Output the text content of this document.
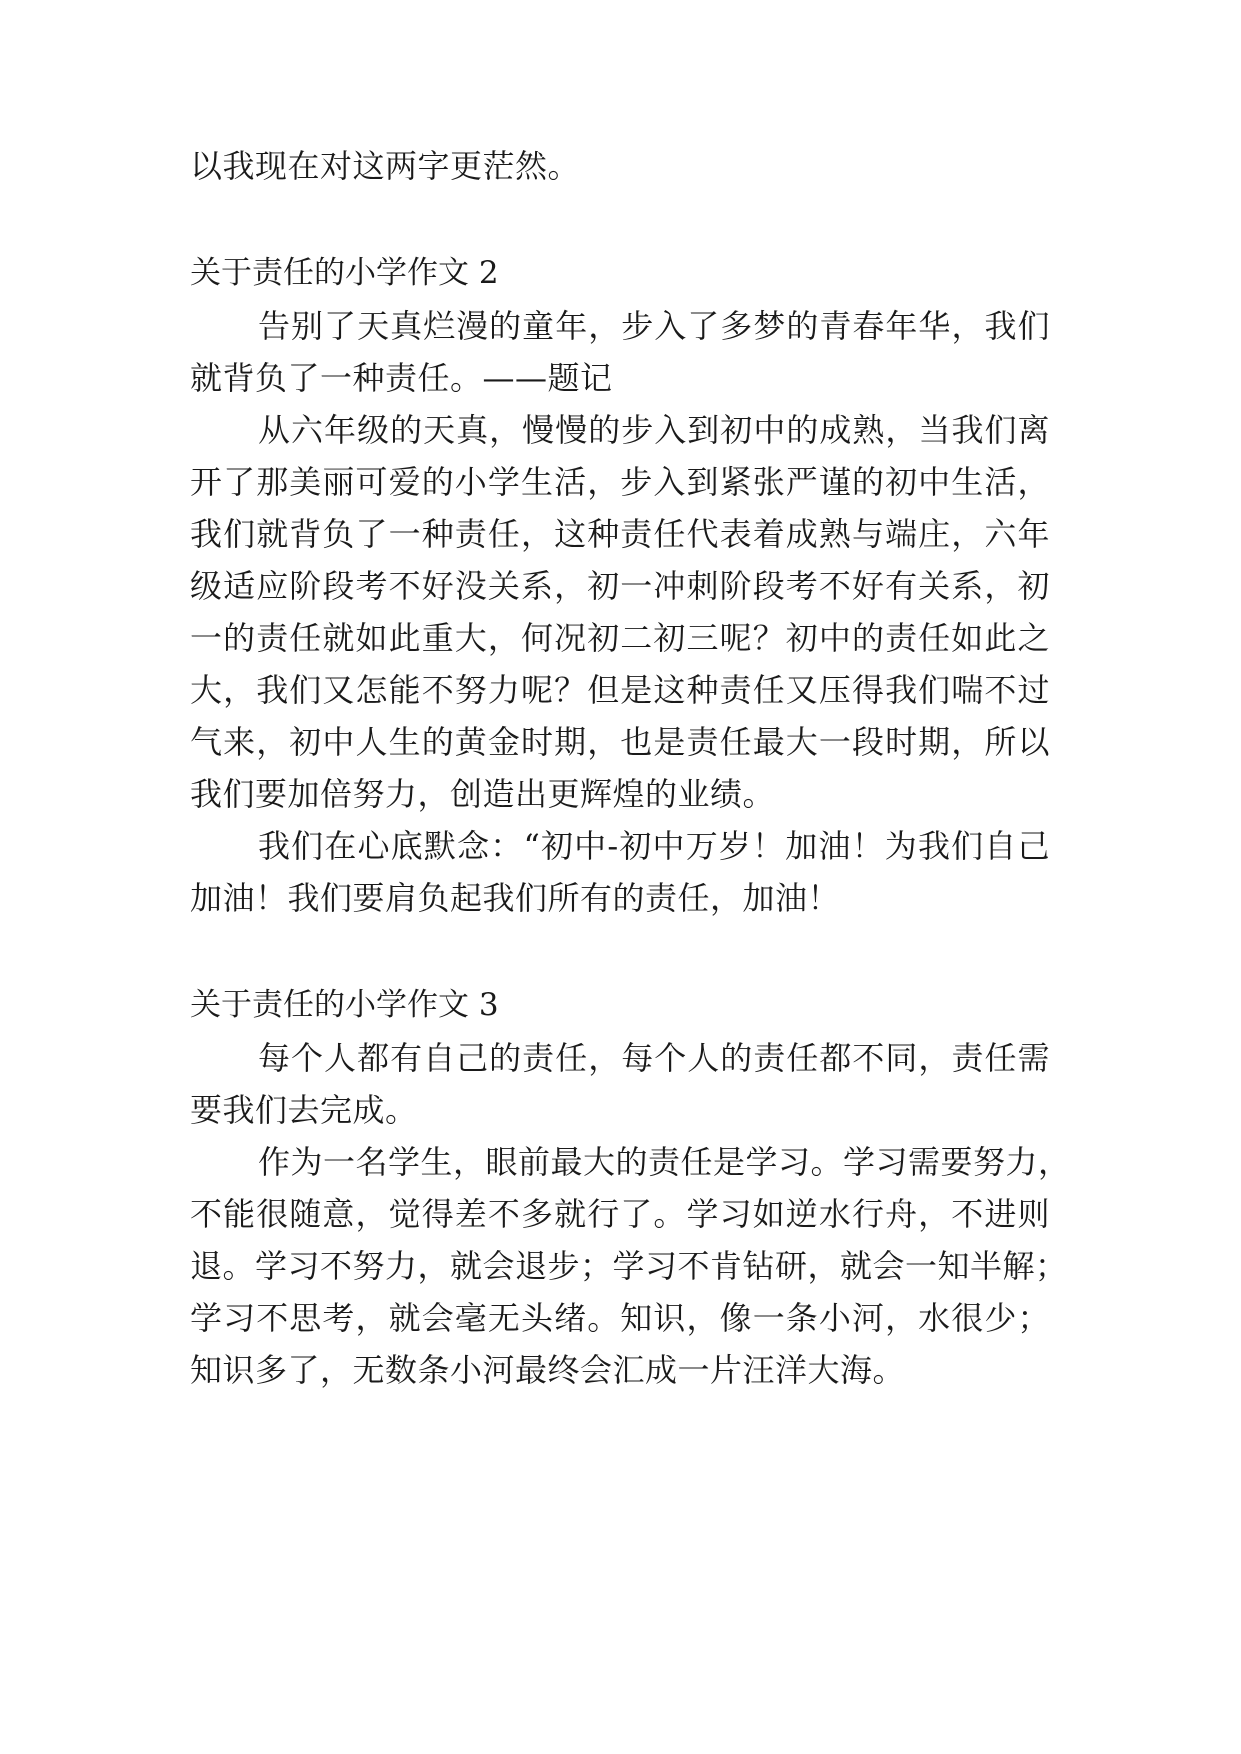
以我现在对这两字更茫然。
关于责任的小学作文 2
告别了天真烂漫的童年，步入了多梦的青春年华，我们
就背负了一种责任。——题记
从六年级的天真，慢慢的步入到初中的成熟，当我们离
开了那美丽可爱的小学生活，步入到紧张严谨的初中生活，
我们就背负了一种责任，这种责任代表着成熟与端庄，六年
级适应阶段考不好没关系，初一冲刺阶段考不好有关系，初
一的责任就如此重大，何况初二初三呢？初中的责任如此之
大，我们又怎能不努力呢？但是这种责任又压得我们喘不过
气来，初中人生的黄金时期，也是责任最大一段时期，所以
我们要加倍努力，创造出更辉煌的业绩。
我们在心底默念：“初中-初中万岁！加油！为我们自己
加油！我们要肩负起我们所有的责任，加油！
关于责任的小学作文 3
每个人都有自己的责任，每个人的责任都不同，责任需
要我们去完成。
作为一名学生，眼前最大的责任是学习。学习需要努力，
不能很随意，觉得差不多就行了。学习如逆水行舟，不进则
退。学习不努力，就会退步；学习不肯钻研，就会一知半解；
学习不思考，就会毫无头绪。知识，像一条小河，水很少；
知识多了，无数条小河最终会汇成一片汪洋大海。
